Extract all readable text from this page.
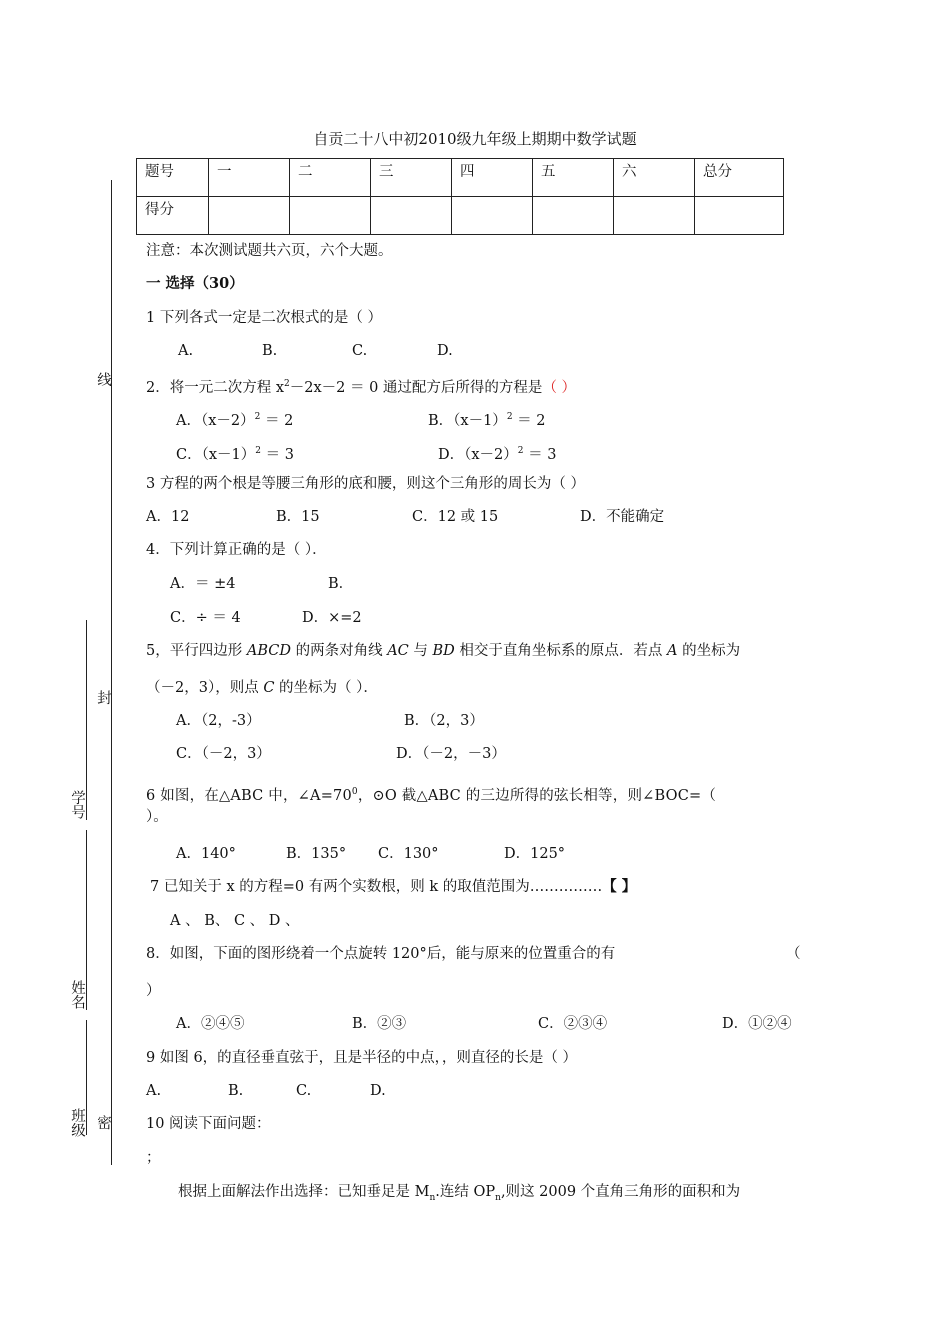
自贡二十八中初2010级九年级上期期中数学试题
题号	一	二	三	四	五	六	总分
得分							
线
封
密
学号
姓名
班级
注意：本次测试题共六页，六个大题。
一 选择（30）
1 下列各式一定是二次根式的是（ ）
A.	B.	C.	D.
2．将一元二次方程 $x^2-2x-2 = 0$ 通过配方后所得的方程是（ ）
A．$(x-2)^2 = 2$	B．$(x-1)^2 = 2$
C．$(x-1)^2 = 3$	D．$(x-2)^2 = 3$
3 方程的两个根是等腰三角形的底和腰，则这个三角形的周长为（ ）
A．12	B．15	C．12 或 15	D．不能确定
4．下列计算正确的是（ ）．
A．＝ ±4	B．
C．÷ ＝ 4	D．×=2
5，平行四边形 ABCD 的两条对角线 AC 与 BD 相交于直角坐标系的原点．若点 A 的坐标为
（－2，3），则点 C 的坐标为（ ）．
A．（2，-3）	B．（2，3）
C．（－2，3）	D．（－2，－3）
6 如图，在△ABC 中，$\angle A=70^0$，⊙O 截△ABC 的三边所得的弦长相等，则∠BOC=（
）。
A．140°	B．135° C．130°	D．125°
7 已知关于 x 的方程=0 有两个实数根，则 k 的取值范围为……………【 】
A 、 B、 C 、 D 、
8．如图，下面的图形绕着一个点旋转 120°后，能与原来的位置重合的有	（
）
A．②④⑤	B．②③	C．②③④	D．①②④
9 如图 6，的直径垂直弦于，且是半径的中点，，则直径的长是（ ）
A.	B.	C.	D.
10 阅读下面问题：
；
根据上面解法作出选择：已知垂足是 $M_n$.连结 $OP_n$,则这 2009 个直角三角形的面积和为
